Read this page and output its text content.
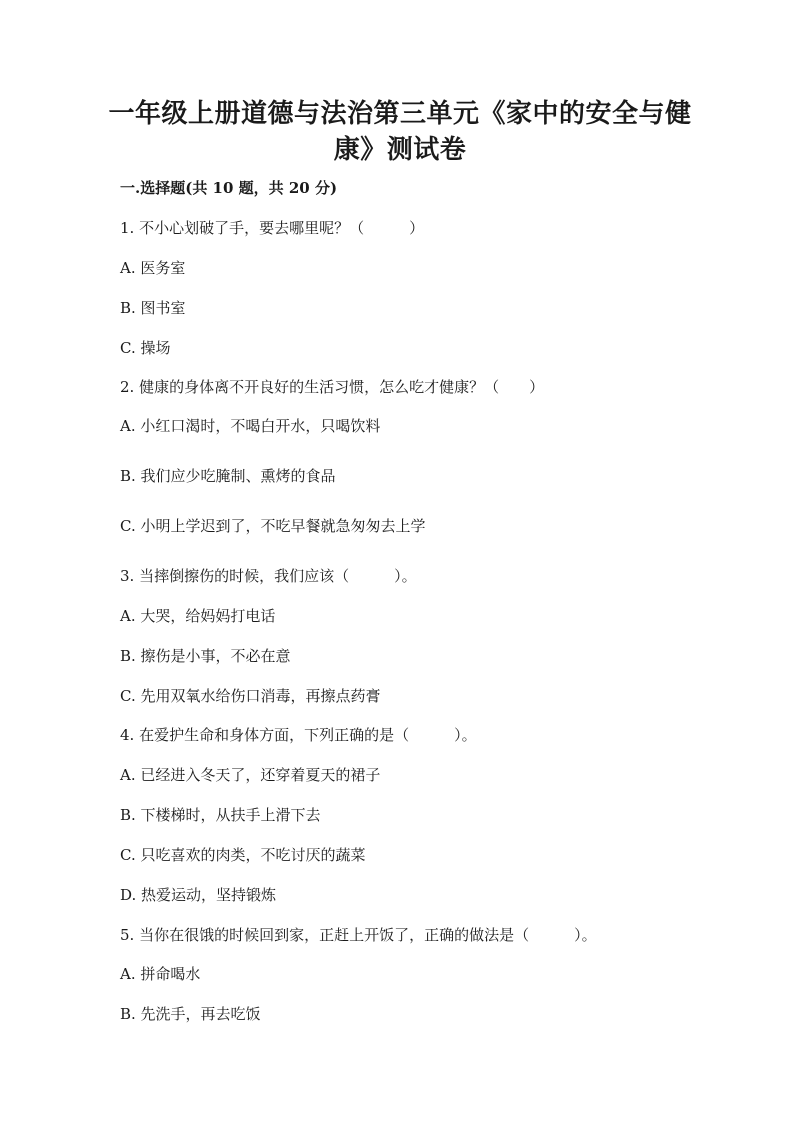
一年级上册道德与法治第三单元《家中的安全与健康》测试卷
一.选择题(共 10 题，共 20 分)
1. 不小心划破了手，要去哪里呢？（　　　）
A. 医务室
B. 图书室
C. 操场
2. 健康的身体离不开良好的生活习惯，怎么吃才健康？（　　）
A. 小红口渴时，不喝白开水，只喝饮料
B. 我们应少吃腌制、熏烤的食品
C. 小明上学迟到了，不吃早餐就急匆匆去上学
3. 当摔倒擦伤的时候，我们应该（　　　）。
A. 大哭，给妈妈打电话
B. 擦伤是小事，不必在意
C. 先用双氧水给伤口消毒，再擦点药膏
4. 在爱护生命和身体方面，下列正确的是（　　　）。
A. 已经进入冬天了，还穿着夏天的裙子
B. 下楼梯时，从扶手上滑下去
C. 只吃喜欢的肉类，不吃讨厌的蔬菜
D. 热爱运动，坚持锻炼
5. 当你在很饿的时候回到家，正赶上开饭了，正确的做法是（　　　）。
A. 拼命喝水
B. 先洗手，再去吃饭
